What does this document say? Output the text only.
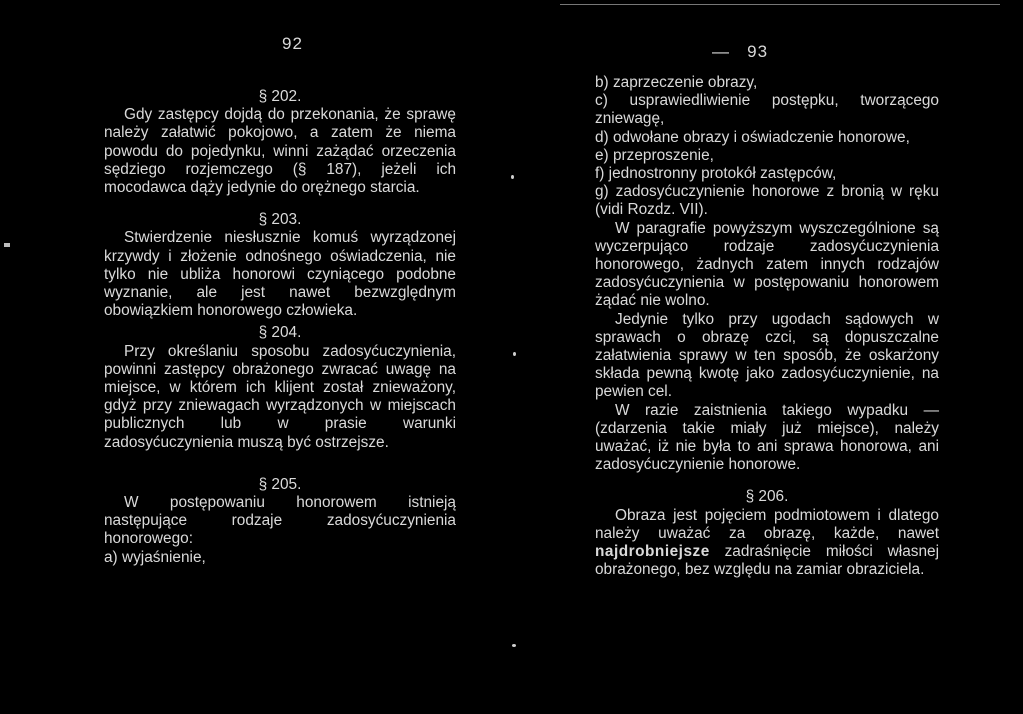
92

§ 202.

Gdy zastępcy dojdą do przekonania, że sprawę należy załatwić pokojowo, a zatem że niema powodu do pojedynku, winni zażądać orzeczenia sędziego rozjemczego (§ 187), jeżeli ich mocodawca dąży jedynie do orężnego starcia.

§ 203.

Stwierdzenie niesłusznie komuś wyrządzonej krzywdy i złożenie odnośnego oświadczenia, nie tylko nie ubliża honorowi czyniącego podobne wyznanie, ale jest nawet bezwzględnym obowiązkiem honorowego człowieka.

§ 204.

Przy określaniu sposobu zadosyćuczynienia, powinni zastępcy obrażonego zwracać uwagę na miejsce, w którem ich klijent został znieważony, gdyż przy zniewagach wyrządzonych w miejscach publicznych lub w prasie warunki zadosyćuczynienia muszą być ostrzejsze.

§ 205.

W postępowaniu honorowem istnieją następujące rodzaje zadosyćuczynienia honorowego:

a) wyjaśnienie,

— 93

b) zaprzeczenie obrazy,

c) usprawiedliwienie postępku, tworzącego zniewagę,

d) odwołane obrazy i oświadczenie honorowe,

e) przeproszenie,

f) jednostronny protokół zastępców,

g) zadosyćuczynienie honorowe z bronią w ręku (vidi Rozdz. VII).

W paragrafie powyższym wyszczególnione są wyczerpująco rodzaje zadosyćuczynienia honorowego, żadnych zatem innych rodzajów zadosyćuczynienia w postępowaniu honorowem żądać nie wolno.

Jedynie tylko przy ugodach sądowych w sprawach o obrazę czci, są dopuszczalne załatwienia sprawy w ten sposób, że oskarżony składa pewną kwotę jako zadosyćuczynienie, na pewien cel.

W razie zaistnienia takiego wypadku — (zdarzenia takie miały już miejsce), należy uważać, iż nie była to ani sprawa honorowa, ani zadosyćuczynienie honorowe.

§ 206.

Obraza jest pojęciem podmiotowem i dlatego należy uważać za obrazę, każde, nawet najdrobniejsze zadraśnięcie miłości własnej obrażonego, bez względu na zamiar obraziciela.
